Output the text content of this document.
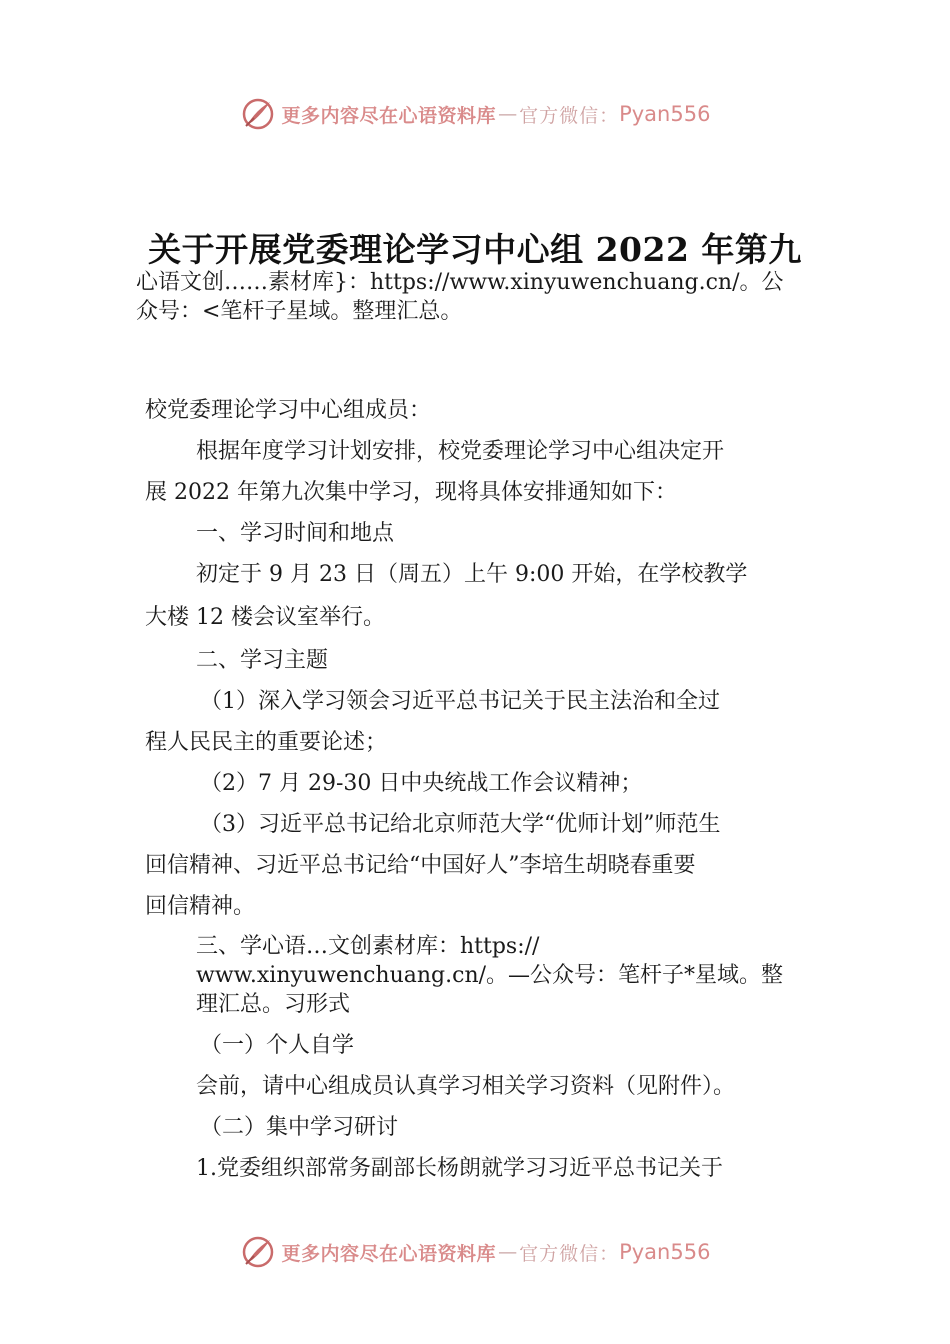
更多内容尽在心语资料库 — 官方微信： Pyan556
关于开展党委理论学习中心组 2022 年第九
心语文创……素材库}：https://www.xinyuwenchuang.cn/。公
众号：<笔杆子星域。整理汇总。
校党委理论学习中心组成员：
根据年度学习计划安排，校党委理论学习中心组决定开
展 2022 年第九次集中学习，现将具体安排通知如下：
一、学习时间和地点
初定于 9 月 23 日（周五）上午 9:00 开始，在学校教学
大楼 12 楼会议室举行。
二、学习主题
（1）深入学习领会习近平总书记关于民主法治和全过
程人民民主的重要论述；
（2）7 月 29-30 日中央统战工作会议精神；
（3）习近平总书记给北京师范大学“优师计划”师范生
回信精神、习近平总书记给“中国好人”李培生胡晓春重要
回信精神。
三、学心语…文创素材库：https://
www.xinyuwenchuang.cn/。—公众号：笔杆子*星域。整
理汇总。习形式
（一）个人自学
会前，请中心组成员认真学习相关学习资料（见附件）。
（二）集中学习研讨
1.党委组织部常务副部长杨朗就学习习近平总书记关于
更多内容尽在心语资料库 — 官方微信： Pyan556
